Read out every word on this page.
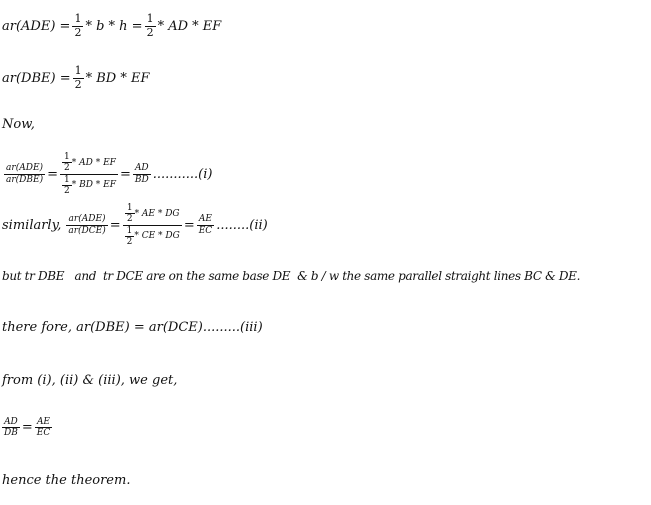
$ar(ADE) = \frac{1}{2} * b * h = \frac{1}{2}$ * AD * EF
$ar(DBE) = \frac{1}{2}$ * BD * EF
Now,
$\frac{\text{ar(ADE)}}{\text{ar(DBE)}} = \frac{\frac{1}{2} * AD * EF}{\frac{1}{2} * BD * EF} = \frac{AD}{BD} ...........(i)$
similarly, $\frac{\text{ar(ADE)}}{\text{ar(DCE)}} = \frac{\frac{1}{2} * AE * DG}{\frac{1}{2} * CE * DG} = \frac{AE}{EC} ........(ii)$
but tr DBE   and  tr DCE are on the same base DE  & b / w the same parallel straight lines BC & DE.
there fore, ar(DBE) = ar(DCE).........(iii)
from (i), (ii) & (iii), we get,
$\frac{AD}{DB} = \frac{AE}{EC}$
hence the theorem.
